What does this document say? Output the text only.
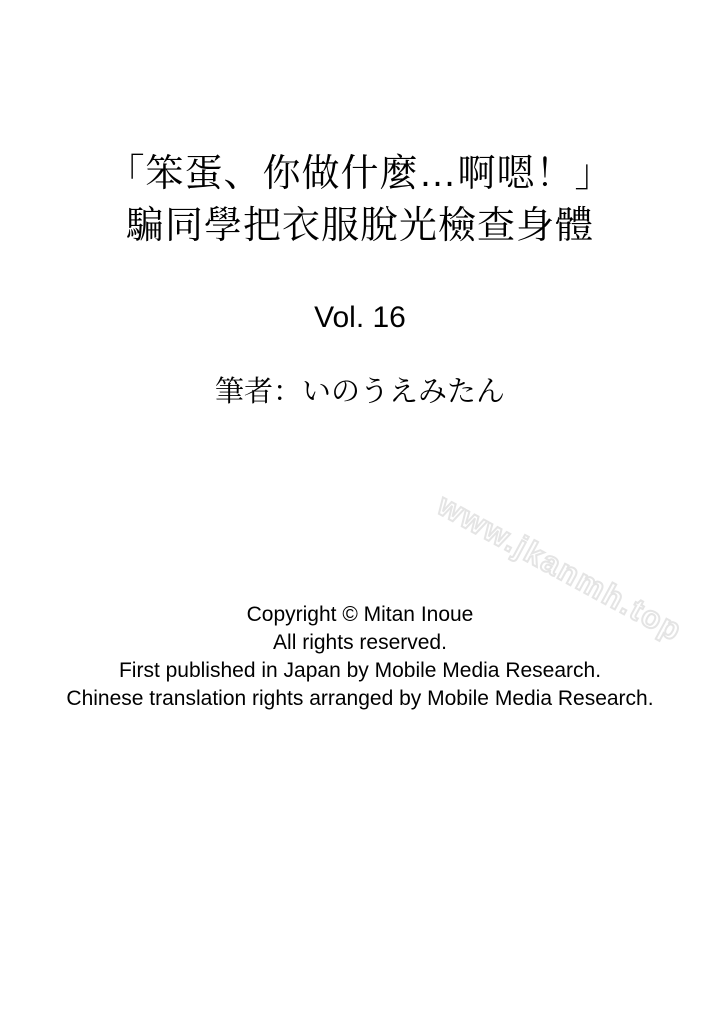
「笨蛋、你做什麼…啊嗯！」
騙同學把衣服脫光檢查身體
Vol. 16
筆者：いのうえみたん
www.jkanmh.top
Copyright © Mitan Inoue
All rights reserved.
First published in Japan by Mobile Media Research.
Chinese translation rights arranged by Mobile Media Research.
